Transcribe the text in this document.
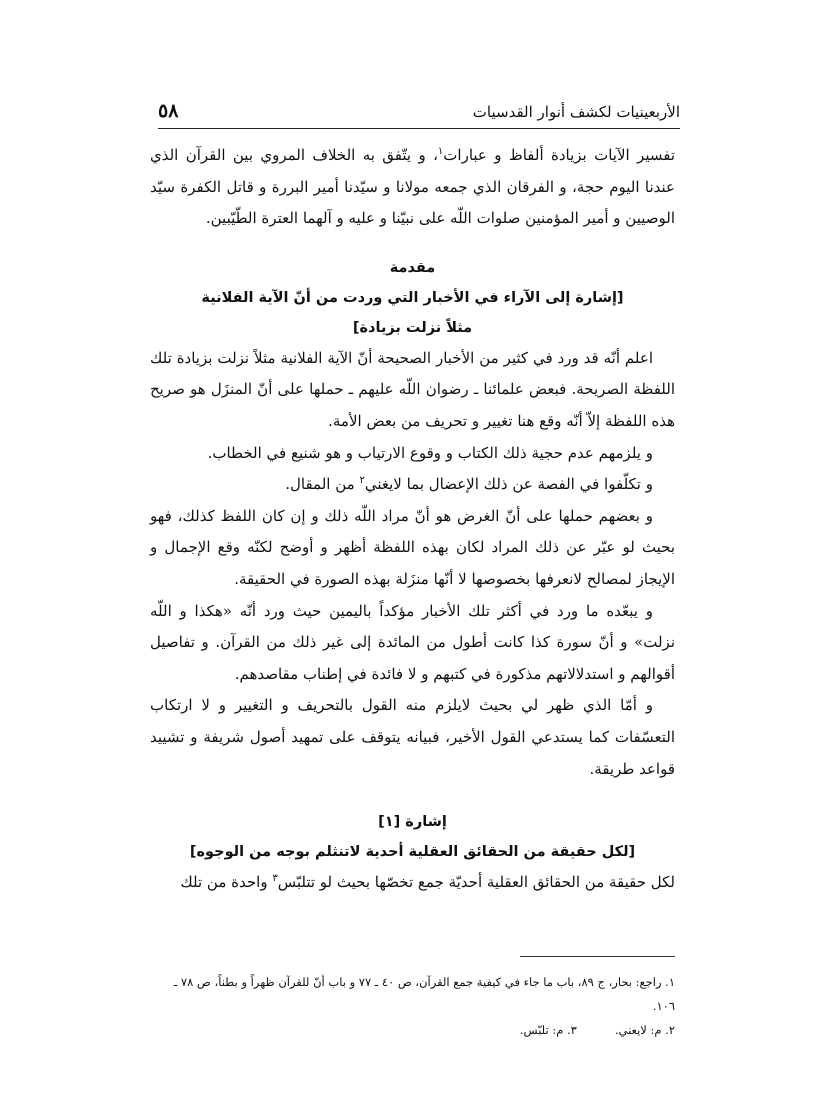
الأربعينيات لكشف أنوار القدسيات
٥٨

تفسير الآيات بزيادة ألفاظ و عبارات$^١$، و يتّفق به الخلاف المروي بين القرآن الذي عندنا اليوم حجة، و الفرقان الذي جمعه مولانا و سيّدنا أمير البررة و قاتل الكفرة سيّد الوصيين و أمير المؤمنين صلوات اللّه على نبيّنا و عليه و آلهما العترة الطّيّبين.

مقدمة
[إشارة إلى الآراء في الأخبار التي وردت من أنّ الآية الفلانية
مثلاً نزلت بزيادة]

اعلم أنّه قد ورد في كثير من الأخبار الصحيحة أنّ الآية الفلانية مثلاً نزلت بزيادة تلك اللفظة الصريحة. فبعض علمائنا ـ رضوان اللّه عليهم ـ حملها على أنّ المنزَل هو صريح هذه اللفظة إلاّ أنّه وقع هنا تغيير و تحريف من بعض الأمة.

و يلزمهم عدم حجية ذلك الكتاب و وقوع الارتياب و هو شنيع في الخطاب.

و تكلّفوا في الفصة عن ذلك الإعضال بما لايغني$^٢$ من المقال.

و بعضهم حملها على أنّ الغرض هو أنّ مراد اللّه ذلك و إن كان اللفظ كذلك، فهو بحيث لو عبّر عن ذلك المراد لكان بهذه اللفظة أظهر و أوضح لكنّه وقع الإجمال و الإيجاز لمصالح لانعرفها بخصوصها لا أنّها منزَلة بهذه الصورة في الحقيقة.

و يبعّده ما ورد في أكثر تلك الأخبار مؤكداً باليمين حيث ورد أنّه «هكذا و اللّه نزلت» و أنّ سورة كذا كانت أطول من المائدة إلى غير ذلك من القرآن. و تفاصيل أقوالهم و استدلالاتهم مذكورة في كتبهم و لا فائدة في إطناب مقاصدهم.

و أمّا الذي ظهر لي بحيث لايلزم منه القول بالتحريف و التغيير و لا ارتكاب التعسّفات كما يستدعي القول الأخير، فبيانه يتوقف على تمهيد أصول شريفة و تشييد قواعد طريقة.

إشارة [١]
[لكل حقيقة من الحقائق العقلية أحدية لاتنثلم بوجه من الوجوه]

لكل حقيقة من الحقائق العقلية أحديّة جمع تخصّها بحيث لو تتلبّس$^٣$ واحدة من تلك

١. راجع: بحار، ج ٨٩، باب ما جاء في كيفية جمع القرآن، ص ٤٠ ـ ٧٧ و باب أنّ للقرآن ظهراً و بطناً، ص ٧٨ ـ ١٠٦.
٢. م: لايعني.٣. م: تلبّس.
